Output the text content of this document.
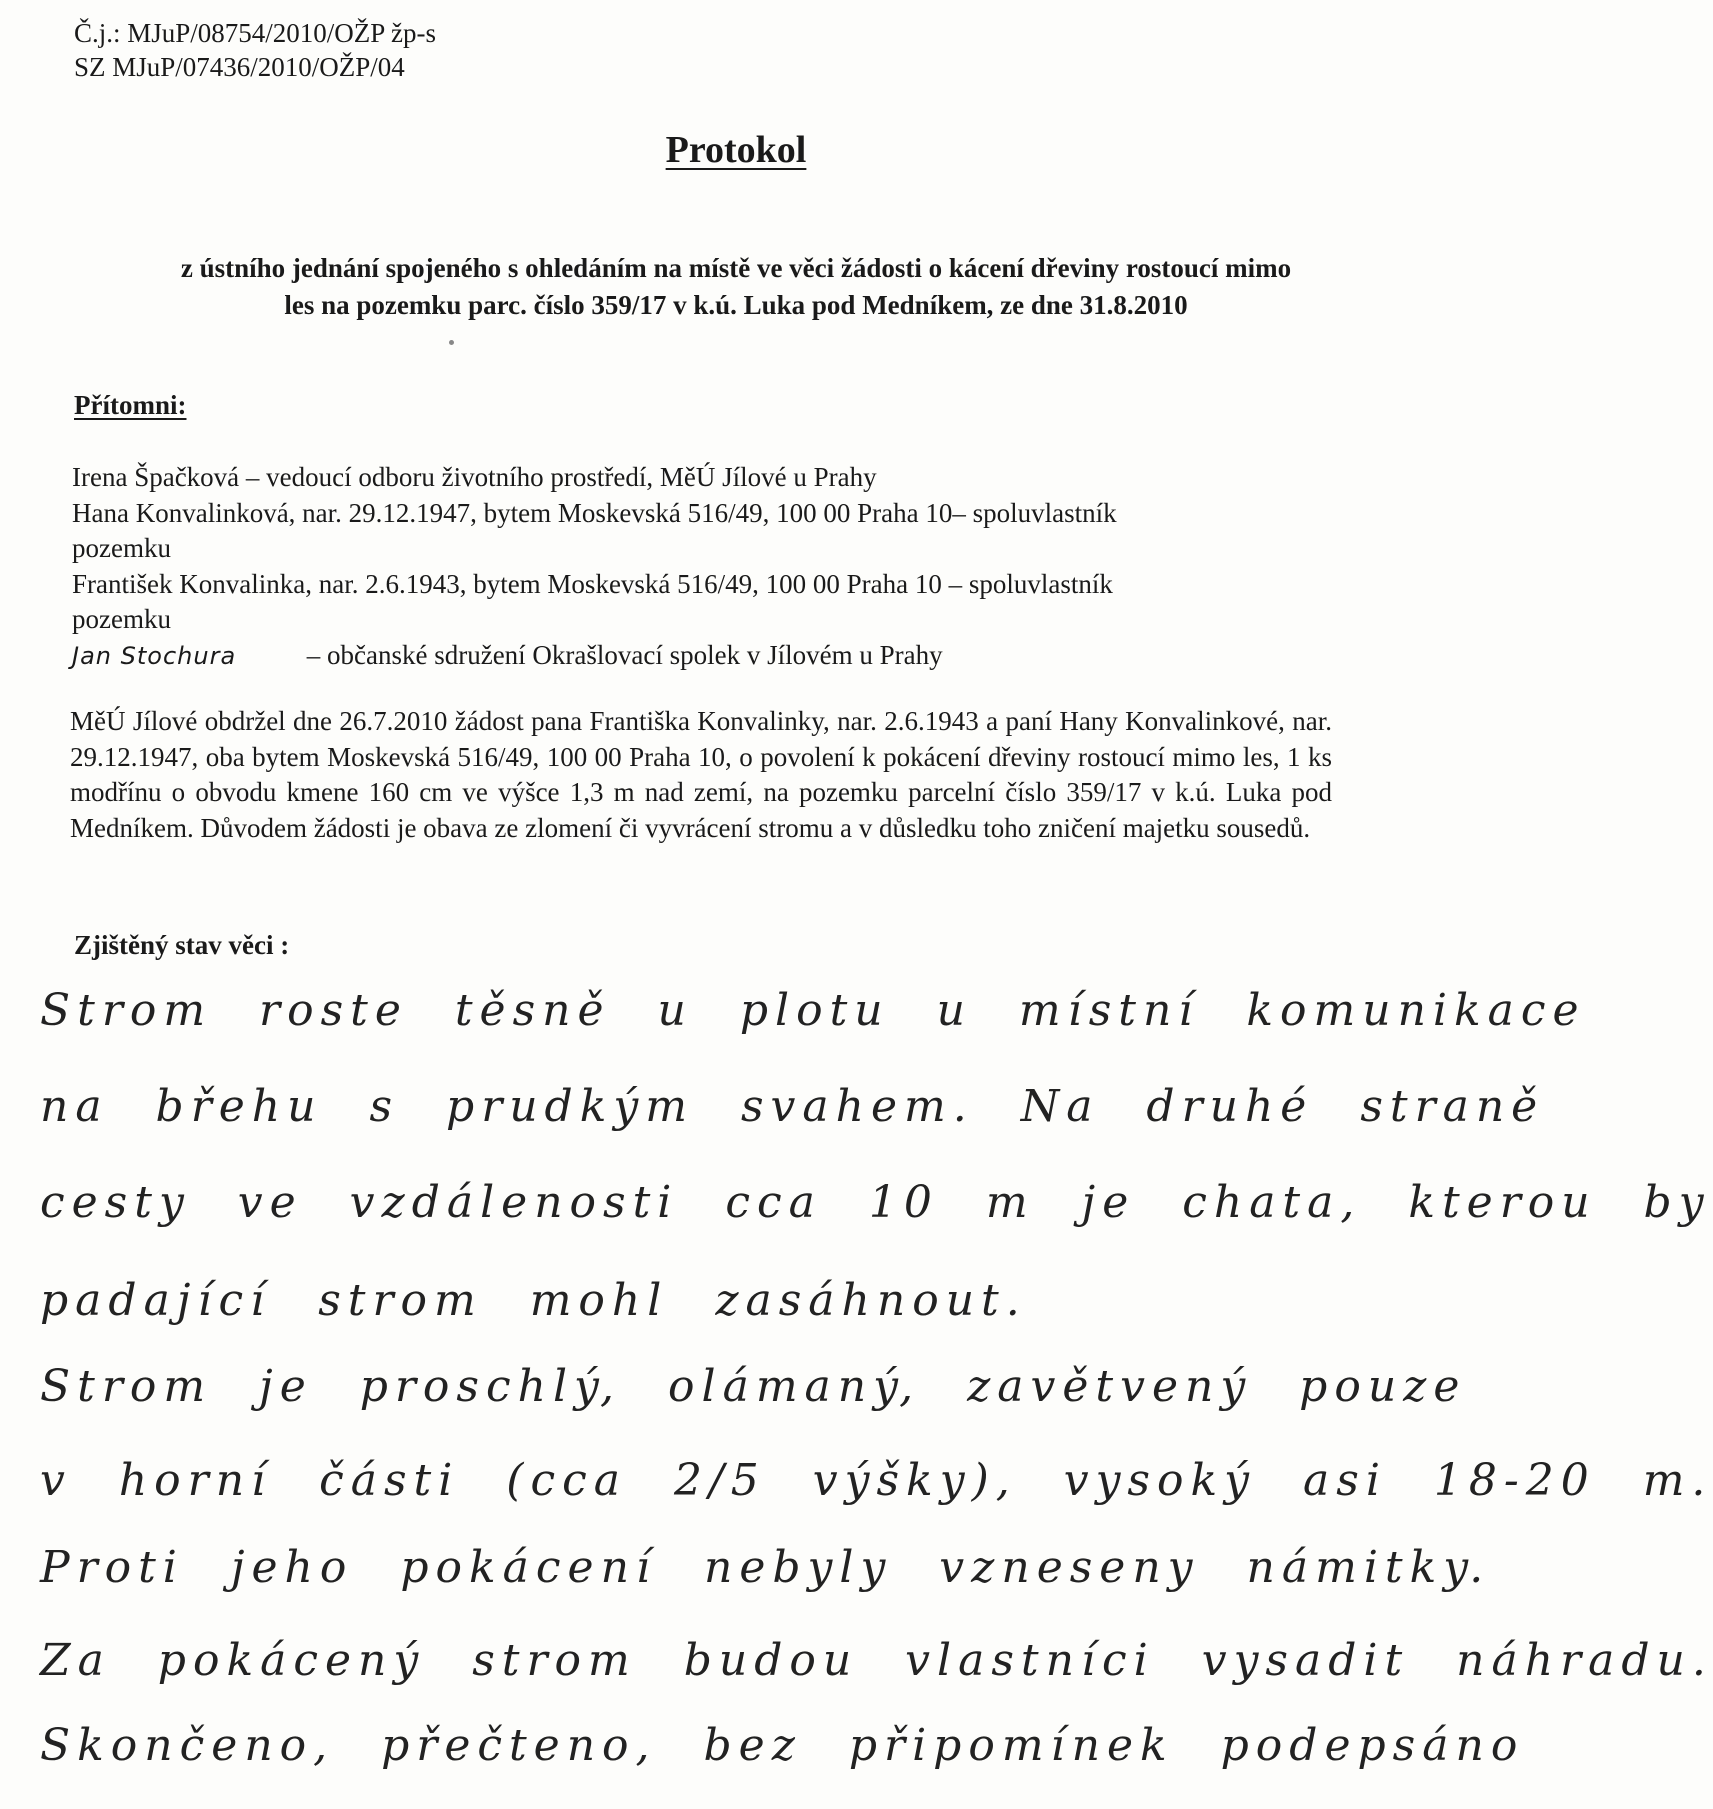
Č.j.: MJuP/08754/2010/OŽP žp-s
SZ MJuP/07436/2010/OŽP/04
Protokol
z ústního jednání spojeného s ohledáním na místě ve věci žádosti o kácení dřeviny rostoucí mimo
les na pozemku parc. číslo 359/17 v k.ú. Luka pod Medníkem, ze dne 31.8.2010
Přítomni:
Irena Špačková – vedoucí odboru životního prostředí, MěÚ Jílové u Prahy
Hana Konvalinková, nar. 29.12.1947, bytem Moskevská 516/49, 100 00 Praha 10– spoluvlastník
pozemku
František Konvalinka, nar. 2.6.1943, bytem Moskevská 516/49, 100 00 Praha 10 – spoluvlastník
pozemku
Jan Stochura – občanské sdružení Okrašlovací spolek v Jílovém u Prahy
MěÚ Jílové obdržel dne 26.7.2010 žádost pana Františka Konvalinky, nar. 2.6.1943 a paní Hany Konvalinkové, nar. 29.12.1947, oba bytem Moskevská 516/49, 100 00 Praha 10, o povolení k pokácení dřeviny rostoucí mimo les, 1 ks modřínu o obvodu kmene 160 cm ve výšce 1,3 m nad zemí, na pozemku parcelní číslo 359/17 v k.ú. Luka pod Medníkem. Důvodem žádosti je obava ze zlomení či vyvrácení stromu a v důsledku toho zničení majetku sousedů.
Zjištěný stav věci :
Strom roste těsně u plotu u místní komunikace
na břehu s prudkým svahem. Na druhé straně
cesty ve vzdálenosti cca 10 m je chata, kterou by
padající strom mohl zasáhnout.
Strom je proschlý, olámaný, zavětvený pouze
v horní části (cca 2/5 výšky), vysoký asi 18-20 m.
Proti jeho pokácení nebyly vzneseny námitky.
Za pokácený strom budou vlastníci vysadit náhradu.
Skončeno, přečteno, bez připomínek podepsáno
